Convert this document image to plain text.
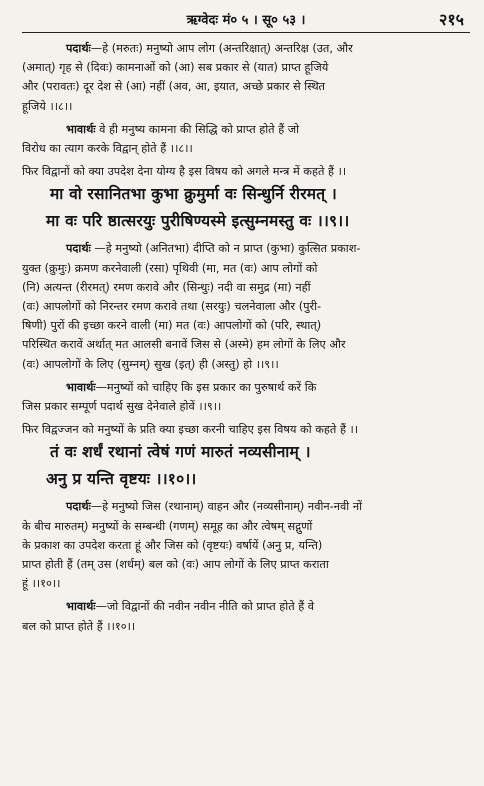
ऋग्वेदः मं० ५ । सू० ५३ ।	२१५
पदार्थः—हे (मरुतः) मनुष्यो आप लोग (अन्तरिक्षात्) अन्तरिक्ष (उत, और
(अमात्) गृह से (दिवः) कामनाओं को (आ) सब प्रकार से (यात) प्राप्त हूजिये
और (परावतः) दूर देश से (आ) नहीं (अव, आ, इयात, अच्छे प्रकार से स्थित
हूजिये ।।८।।
भावार्थः वे ही मनुष्य कामना की सिद्धि को प्राप्त होते हैं जो
विरोध का त्याग करके विद्वान् होते हैं ।।८।।
फिर विद्वानों को क्या उपदेश देना योग्य है इस विषय को अगले मन्त्र में कहते हैं ।।
मा वो रसानितभा कुभा क्रुमुर्मा वः सिन्धुर्नि रीरमत् ।
मा वः परि ष्ठात्सरयुः पुरीषिण्यस्मे इत्सुम्नमस्तु वः ।।९।।
पदार्थः —हे मनुष्यो (अनितभा) दीप्ति को न प्राप्त (कुभा) कुत्सित प्रकाश-
युक्त (क्रुमुः) क्रमण करनेवाली (रसा) पृथिवी (मा, मत (वः) आप लोगों को
(नि) अत्यन्त (रीरमत्) रमण करावे और (सिन्धुः) नदी वा समुद्र (मा) नहीं
(वः) आपलोगों को निरन्तर रमण करावे तथा (सरयुः) चलनेवाला और (पुरी-
षिणी) पुरों की इच्छा करने वाली (मा) मत (वः) आपलोगों को (परि, स्थात्)
परिस्थित करावें अर्थात् मत आलसी बनावें जिस से (अस्मे) हम लोगों के लिए और
(वः) आपलोगों के लिए (सुम्नम्) सुख (इत्) ही (अस्तु) हो ।।९।।
भावार्थः—मनुष्यों को चाहिए कि इस प्रकार का पुरुषार्थ करें कि
जिस प्रकार सम्पूर्ण पदार्थ सुख देनेवाले होवें ।।९।।
फिर विद्वज्जन को मनुष्यों के प्रति क्या इच्छा करनी चाहिए इस विषय को कहते हैं ।।
तं वः शर्धं रथानां त्वेषं गणं मारुतं नव्यसीनाम् ।
अनु प्र यन्ति वृष्टयः ।।१०।।
पदार्थः—हे मनुष्यो जिस (रथानाम्) वाहन और (नव्यसीनाम्) नवीन-नवी नों
के बीच मारुतम्) मनुष्यों के सम्बन्धी (गणम्) समूह का और त्वेषम् सद्गुणों
के प्रकाश का उपदेश करता हूं और जिस को (वृष्टयः) वर्षायें (अनु प्र, यन्ति)
प्राप्त होती हैं (तम् उस (शर्धम्) बल को (वः) आप लोगों के लिए प्राप्त कराता
हूं ।।१०।।
भावार्थः—जो विद्वानों की नवीन नवीन नीति को प्राप्त होते हैं वे
बल को प्राप्त होते हैं ।।१०।।
